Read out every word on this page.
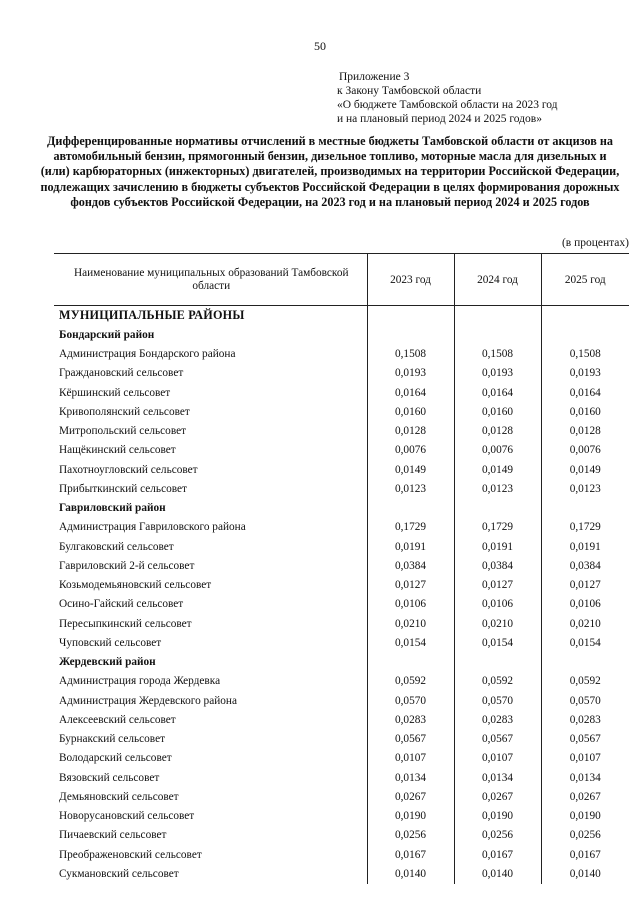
50
Приложение 3
к Закону Тамбовской области
«О бюджете Тамбовской области на 2023 год
и на плановый период 2024 и 2025 годов»
Дифференцированные нормативы отчислений в местные бюджеты Тамбовской области от акцизов на автомобильный бензин, прямогонный бензин, дизельное топливо, моторные масла для дизельных и (или) карбюраторных (инжекторных) двигателей, производимых на территории Российской Федерации, подлежащих зачислению в бюджеты субъектов Российской Федерации в целях формирования дорожных фондов субъектов Российской Федерации, на 2023 год и на плановый период 2024 и 2025 годов
(в процентах)
Наименование муниципальных образований Тамбовской области	2023 год	2024 год	2025 год
МУНИЦИПАЛЬНЫЕ РАЙОНЫ			
Бондарский район			
Администрация Бондарского района	0,1508	0,1508	0,1508
Граждановский сельсовет	0,0193	0,0193	0,0193
Кёршинский сельсовет	0,0164	0,0164	0,0164
Кривополянский сельсовет	0,0160	0,0160	0,0160
Митропольский сельсовет	0,0128	0,0128	0,0128
Нащёкинский сельсовет	0,0076	0,0076	0,0076
Пахотноугловский сельсовет	0,0149	0,0149	0,0149
Прибыткинский сельсовет	0,0123	0,0123	0,0123
Гавриловский район			
Администрация Гавриловского района	0,1729	0,1729	0,1729
Булгаковский сельсовет	0,0191	0,0191	0,0191
Гавриловский 2-й сельсовет	0,0384	0,0384	0,0384
Козьмодемьяновский сельсовет	0,0127	0,0127	0,0127
Осино-Гайский сельсовет	0,0106	0,0106	0,0106
Пересыпкинский сельсовет	0,0210	0,0210	0,0210
Чуповский сельсовет	0,0154	0,0154	0,0154
Жердевский район			
Администрация города Жердевка	0,0592	0,0592	0,0592
Администрация Жердевского района	0,0570	0,0570	0,0570
Алексеевский сельсовет	0,0283	0,0283	0,0283
Бурнакский сельсовет	0,0567	0,0567	0,0567
Володарский сельсовет	0,0107	0,0107	0,0107
Вязовский сельсовет	0,0134	0,0134	0,0134
Демьяновский сельсовет	0,0267	0,0267	0,0267
Новорусановский сельсовет	0,0190	0,0190	0,0190
Пичаевский сельсовет	0,0256	0,0256	0,0256
Преображеновский сельсовет	0,0167	0,0167	0,0167
Сукмановский сельсовет	0,0140	0,0140	0,0140
